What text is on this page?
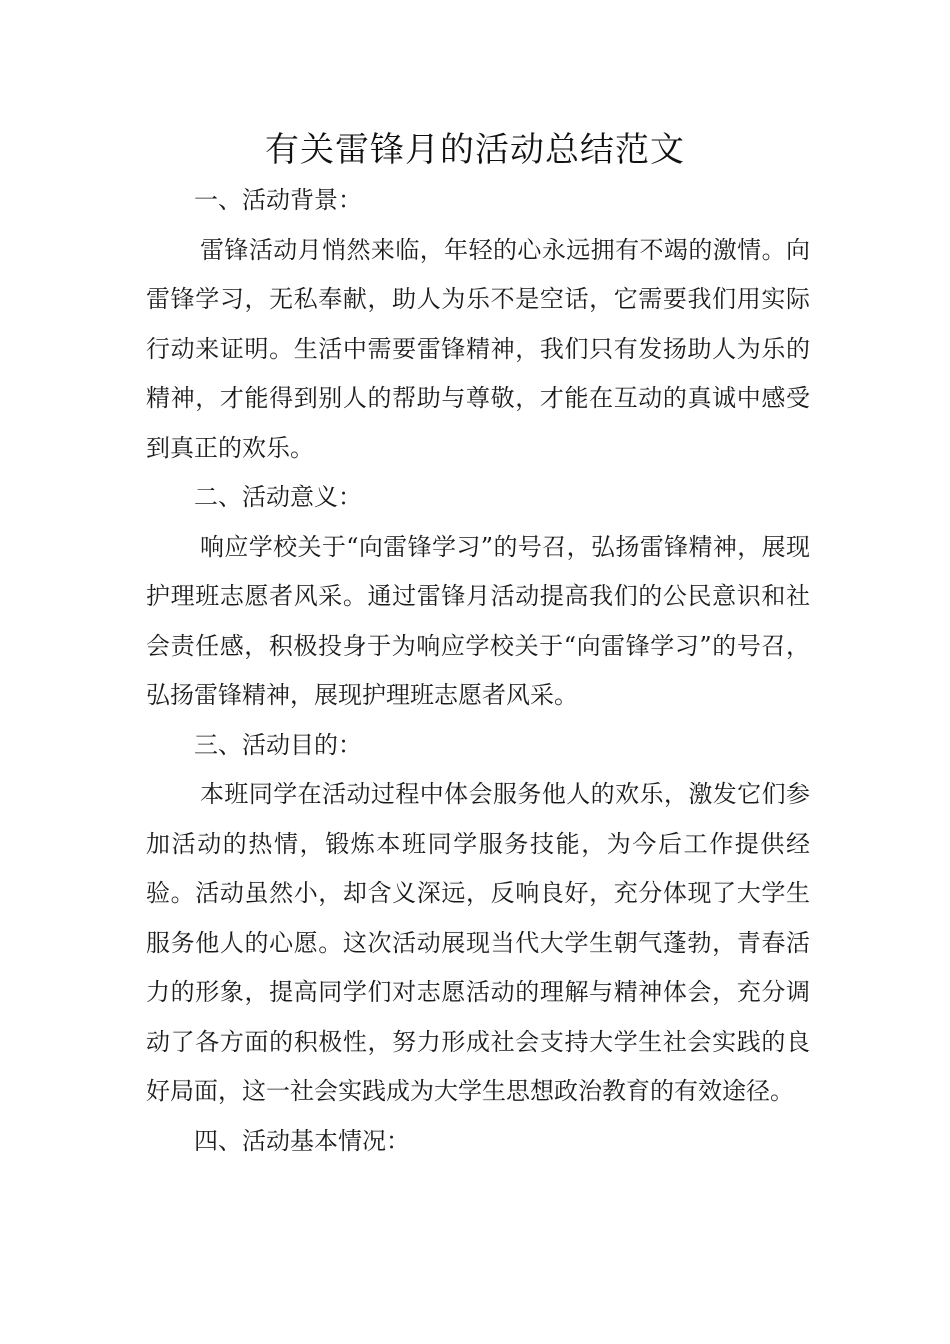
有关雷锋月的活动总结范文

一、活动背景：

雷锋活动月悄然来临，年轻的心永远拥有不竭的激情。向雷锋学习，无私奉献，助人为乐不是空话，它需要我们用实际行动来证明。生活中需要雷锋精神，我们只有发扬助人为乐的精神，才能得到别人的帮助与尊敬，才能在互动的真诚中感受到真正的欢乐。

二、活动意义：

响应学校关于“向雷锋学习”的号召，弘扬雷锋精神，展现护理班志愿者风采。通过雷锋月活动提高我们的公民意识和社会责任感，积极投身于为响应学校关于“向雷锋学习”的号召，弘扬雷锋精神，展现护理班志愿者风采。

三、活动目的：

本班同学在活动过程中体会服务他人的欢乐，激发它们参加活动的热情，锻炼本班同学服务技能，为今后工作提供经验。活动虽然小，却含义深远，反响良好，充分体现了大学生服务他人的心愿。这次活动展现当代大学生朝气蓬勃，青春活力的形象，提高同学们对志愿活动的理解与精神体会，充分调动了各方面的积极性，努力形成社会支持大学生社会实践的良好局面，这一社会实践成为大学生思想政治教育的有效途径。

四、活动基本情况：
